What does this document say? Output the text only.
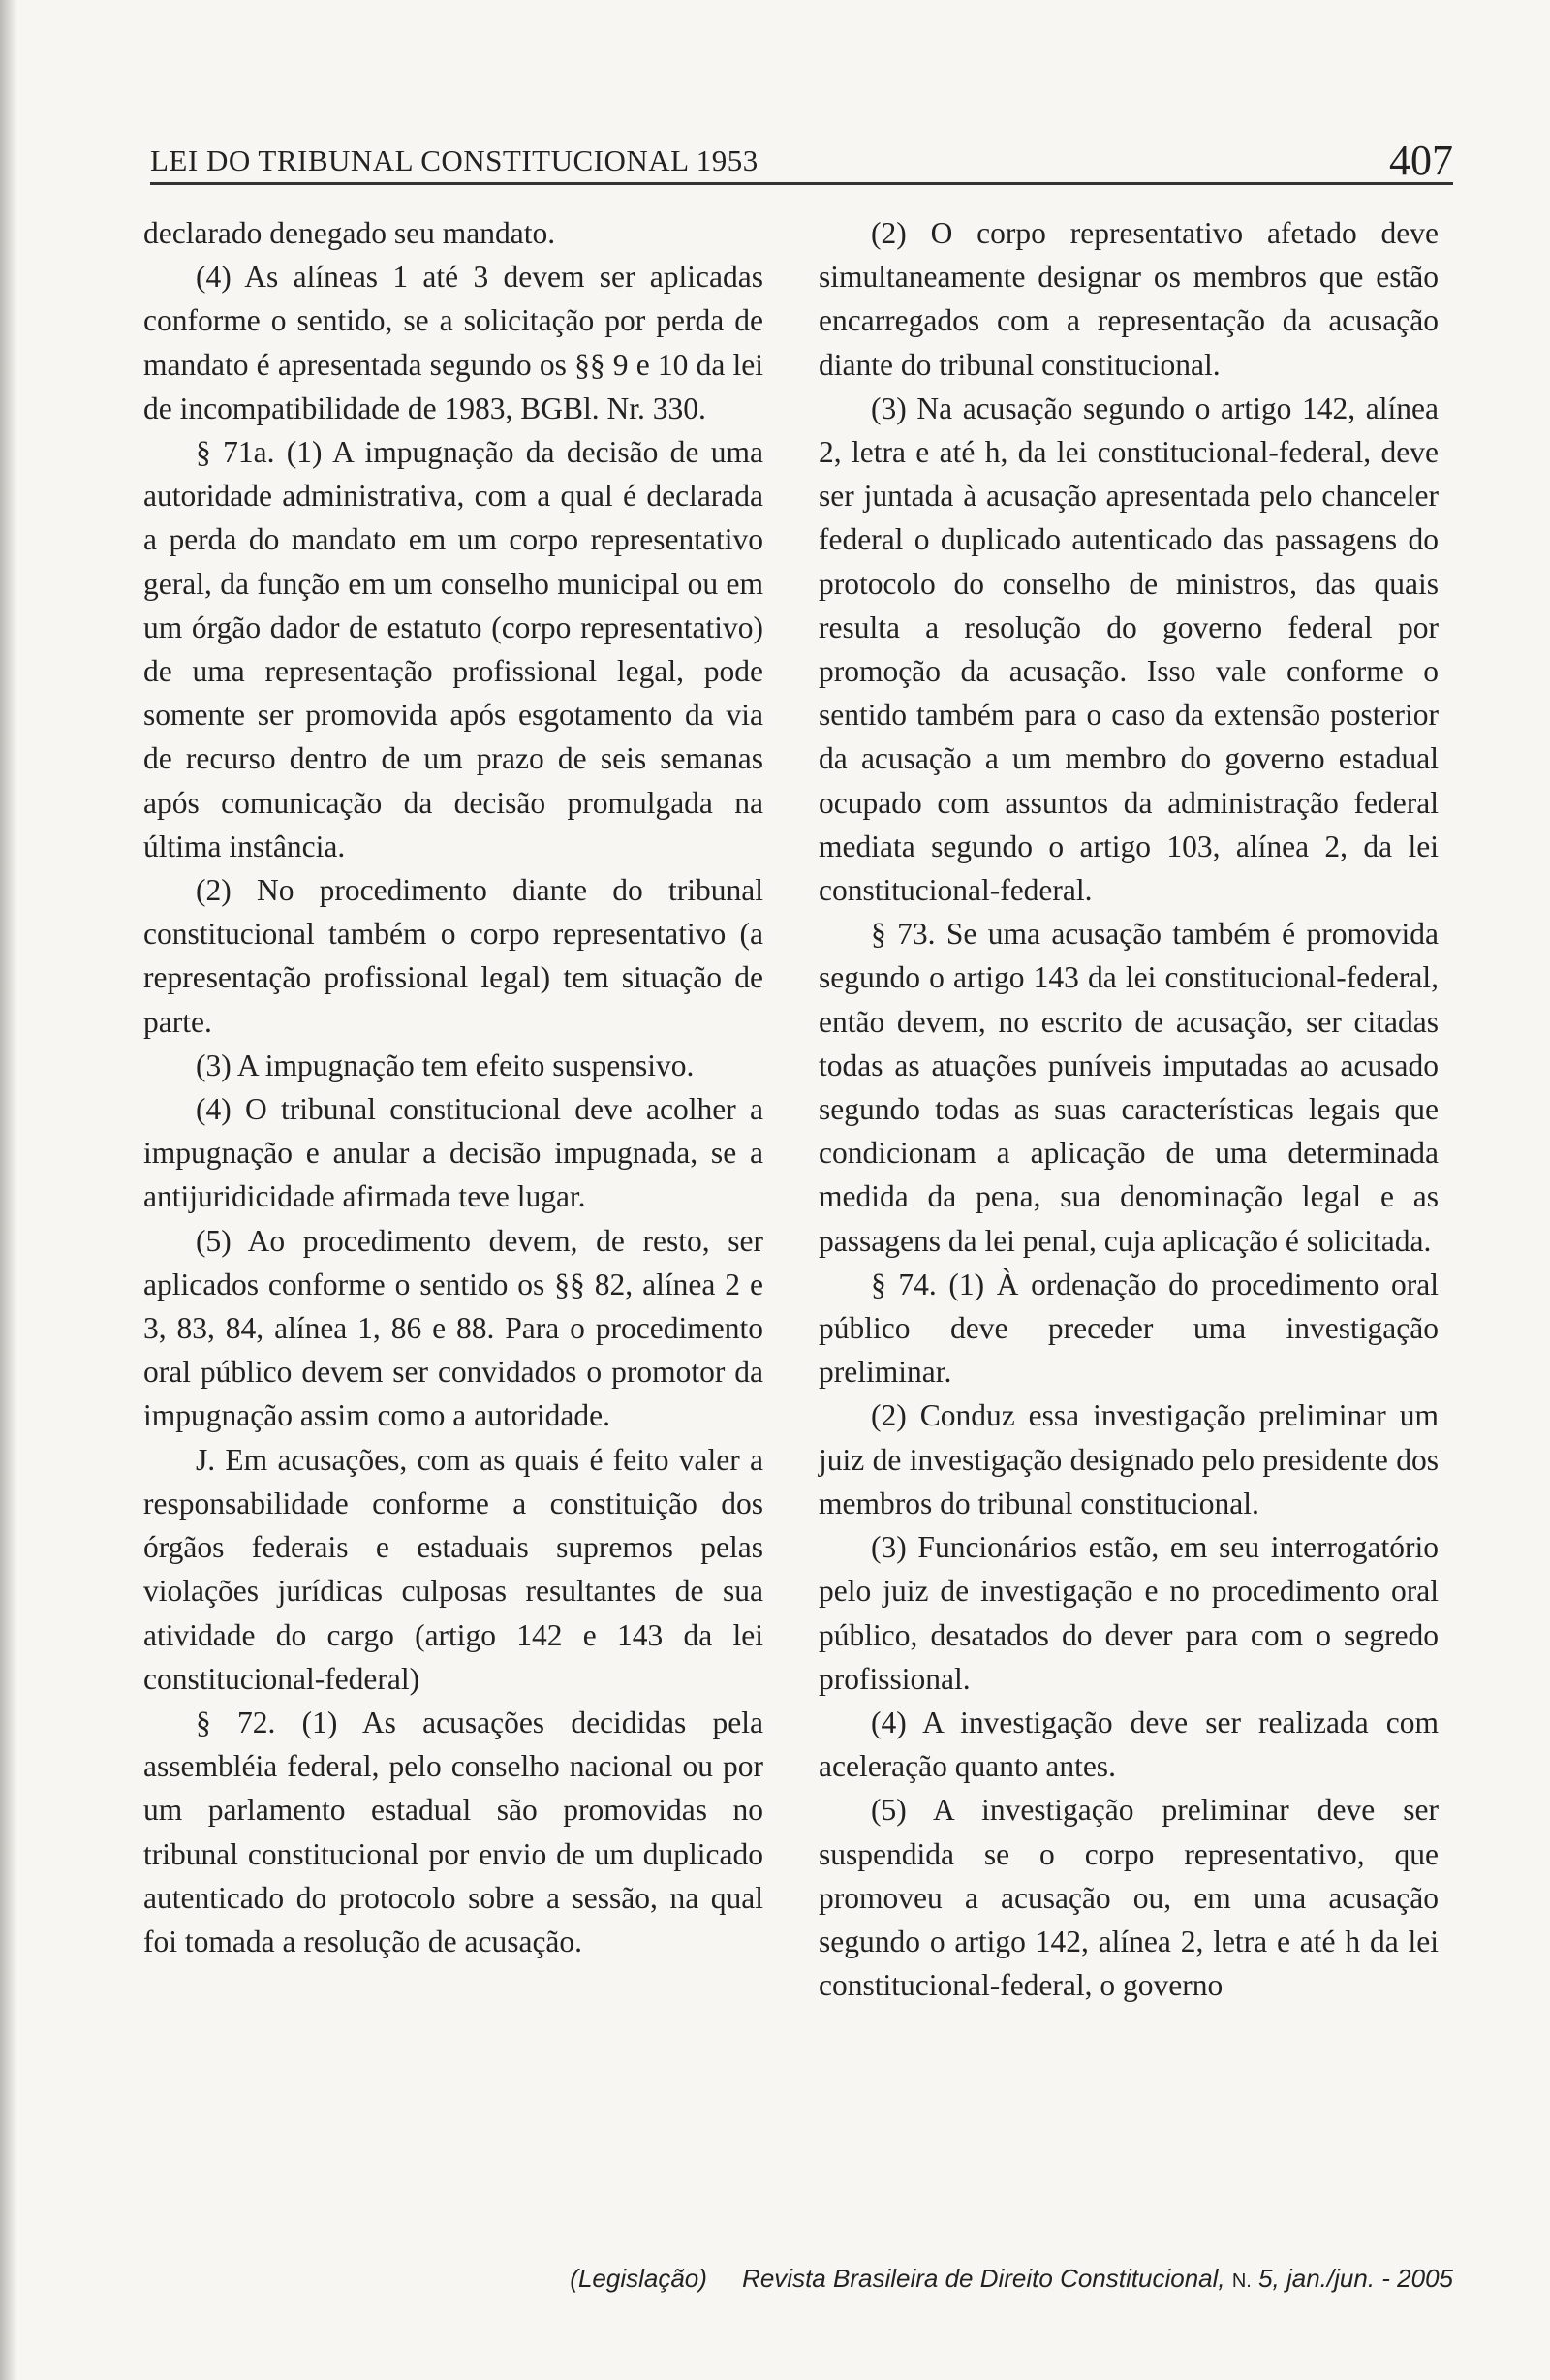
LEI DO TRIBUNAL CONSTITUCIONAL 1953	407

declarado denegado seu mandato.

(4) As alíneas 1 até 3 devem ser aplicadas conforme o sentido, se a solicitação por perda de mandato é apresentada segundo os §§ 9 e 10 da lei de incompatibilidade de 1983, BGBl. Nr. 330.

§ 71a. (1) A impugnação da decisão de uma autoridade administrativa, com a qual é declarada a perda do mandato em um corpo representativo geral, da função em um conselho municipal ou em um órgão dador de estatuto (corpo representativo) de uma representação profissional legal, pode somente ser promovida após esgotamento da via de recurso dentro de um prazo de seis semanas após comunicação da decisão promulgada na última instância.

(2) No procedimento diante do tribunal constitucional também o corpo representativo (a representação profissional legal) tem situação de parte.

(3) A impugnação tem efeito suspensivo.

(4) O tribunal constitucional deve acolher a impugnação e anular a decisão impugnada, se a antijuridicidade afirmada teve lugar.

(5) Ao procedimento devem, de resto, ser aplicados conforme o sentido os §§ 82, alínea 2 e 3, 83, 84, alínea 1, 86 e 88. Para o procedimento oral público devem ser convidados o promotor da impugnação assim como a autoridade.

J. Em acusações, com as quais é feito valer a responsabilidade conforme a constituição dos órgãos federais e estaduais supremos pelas violações jurídicas culposas resultantes de sua atividade do cargo (artigo 142 e 143 da lei constitucional-federal)

§ 72. (1) As acusações decididas pela assembléia federal, pelo conselho nacional ou por um parlamento estadual são promovidas no tribunal constitucional por envio de um duplicado autenticado do protocolo sobre a sessão, na qual foi tomada a resolução de acusação.

(2) O corpo representativo afetado deve simultaneamente designar os membros que estão encarregados com a representação da acusação diante do tribunal constitucional.

(3) Na acusação segundo o artigo 142, alínea 2, letra e até h, da lei constitucional-federal, deve ser juntada à acusação apresentada pelo chanceler federal o duplicado autenticado das passagens do protocolo do conselho de ministros, das quais resulta a resolução do governo federal por promoção da acusação. Isso vale conforme o sentido também para o caso da extensão posterior da acusação a um membro do governo estadual ocupado com assuntos da administração federal mediata segundo o artigo 103, alínea 2, da lei constitucional-federal.

§ 73. Se uma acusação também é promovida segundo o artigo 143 da lei constitucional-federal, então devem, no escrito de acusação, ser citadas todas as atuações puníveis imputadas ao acusado segundo todas as suas características legais que condicionam a aplicação de uma determinada medida da pena, sua denominação legal e as passagens da lei penal, cuja aplicação é solicitada.

§ 74. (1) À ordenação do procedimento oral público deve preceder uma investigação preliminar.

(2) Conduz essa investigação preliminar um juiz de investigação designado pelo presidente dos membros do tribunal constitucional.

(3) Funcionários estão, em seu interrogatório pelo juiz de investigação e no procedimento oral público, desatados do dever para com o segredo profissional.

(4) A investigação deve ser realizada com aceleração quanto antes.

(5) A investigação preliminar deve ser suspendida se o corpo representativo, que promoveu a acusação ou, em uma acusação segundo o artigo 142, alínea 2, letra e até h da lei constitucional-federal, o governo

(Legislação) Revista Brasileira de Direito Constitucional, N. 5, jan./jun. - 2005
